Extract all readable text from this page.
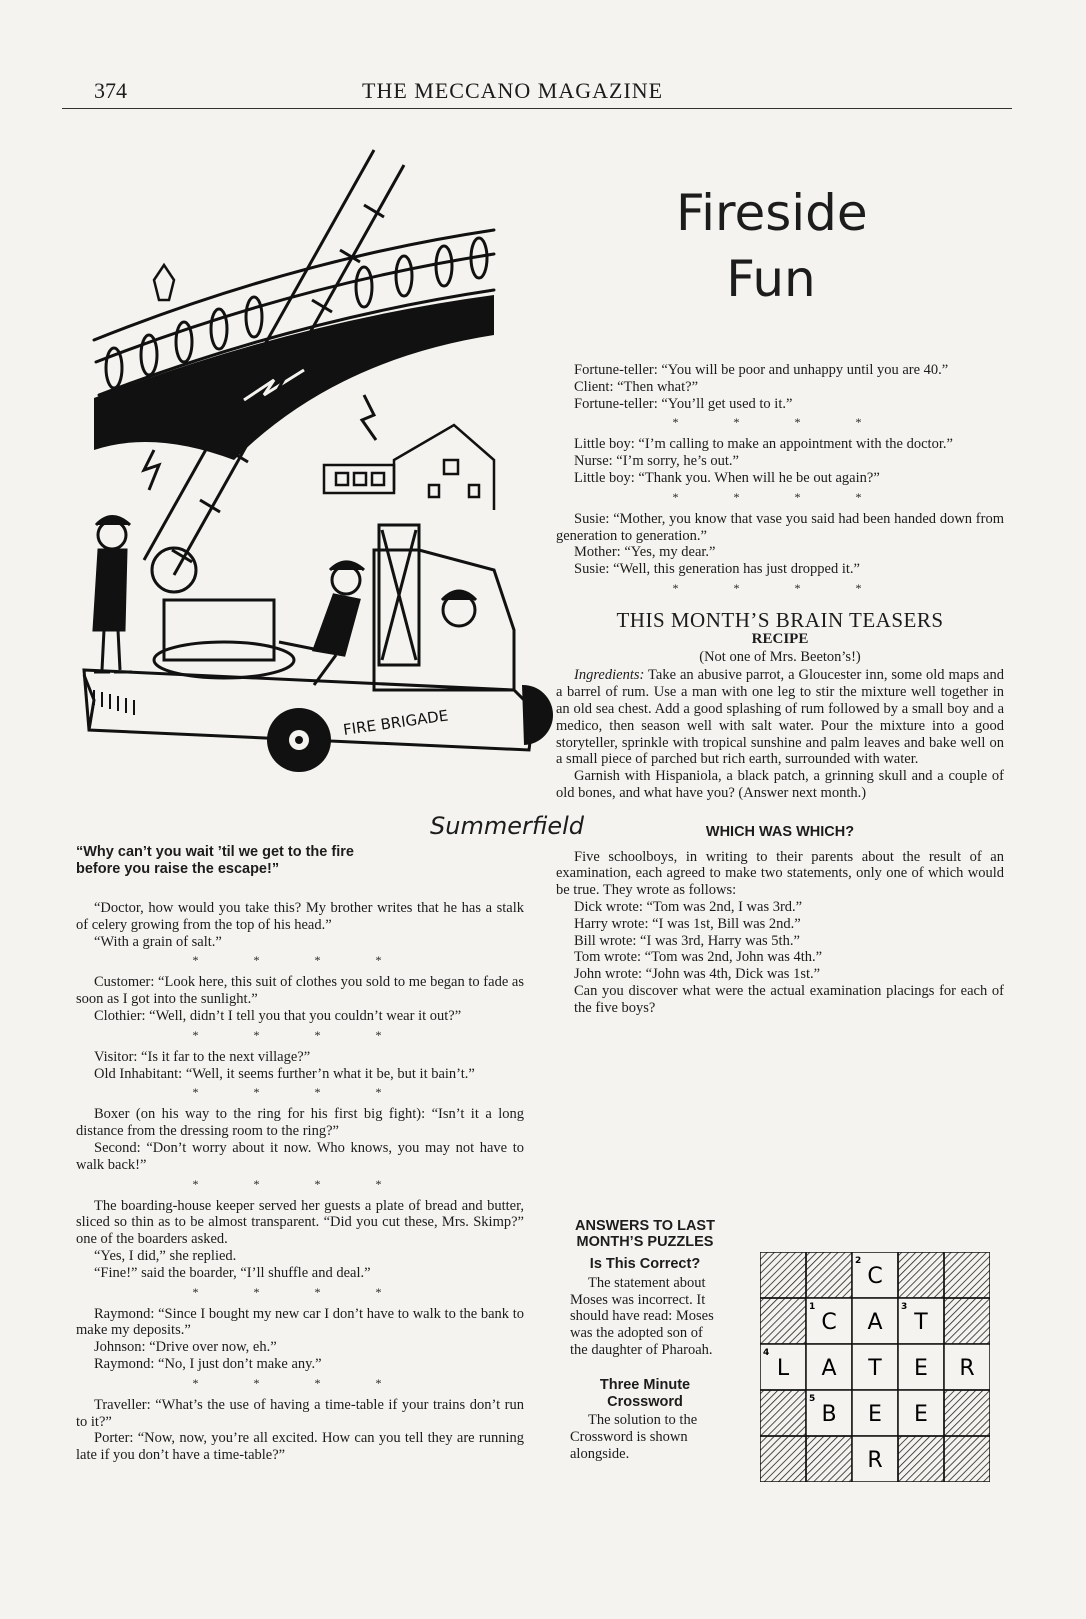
374	THE MECCANO MAGAZINE
FIRE BRIGADE
Summerfield
“Why can’t you wait ’til we get to the fire before you raise the escape!”
Fireside
Fun

“Doctor, how would you take this? My brother writes that he has a stalk of celery growing from the top of his head.”

“With a grain of salt.”

* * * *

Customer: “Look here, this suit of clothes you sold to me began to fade as soon as I got into the sunlight.”

Clothier: “Well, didn’t I tell you that you couldn’t wear it out?”

* * * *

Visitor: “Is it far to the next village?”

Old Inhabitant: “Well, it seems further’n what it be, but it bain’t.”

* * * *

Boxer (on his way to the ring for his first big fight): “Isn’t it a long distance from the dressing room to the ring?”

Second: “Don’t worry about it now. Who knows, you may not have to walk back!”

* * * *

The boarding-house keeper served her guests a plate of bread and butter, sliced so thin as to be almost transparent. “Did you cut these, Mrs. Skimp?” one of the boarders asked.

“Yes, I did,” she replied.

“Fine!” said the boarder, “I’ll shuffle and deal.”

* * * *

Raymond: “Since I bought my new car I don’t have to walk to the bank to make my deposits.”

Johnson: “Drive over now, eh.”

Raymond: “No, I just don’t make any.”

* * * *

Traveller: “What’s the use of having a time-table if your trains don’t run to it?”

Porter: “Now, now, you’re all excited. How can you tell they are running late if you don’t have a time-table?”

Fortune-teller: “You will be poor and unhappy until you are 40.”

Client: “Then what?”

Fortune-teller: “You’ll get used to it.”

* * * *

Little boy: “I’m calling to make an appointment with the doctor.”

Nurse: “I’m sorry, he’s out.”

Little boy: “Thank you. When will he be out again?”

* * * *

Susie: “Mother, you know that vase you said had been handed down from generation to generation.”

Mother: “Yes, my dear.”

Susie: “Well, this generation has just dropped it.”

* * * *
THIS MONTH’S BRAIN TEASERS
RECIPE
(Not one of Mrs. Beeton’s!)

Ingredients: Take an abusive parrot, a Gloucester inn, some old maps and a barrel of rum. Use a man with one leg to stir the mixture well together in an old sea chest. Add a good splashing of rum followed by a small boy and a medico, then season well with salt water. Pour the mixture into a good storyteller, sprinkle with tropical sunshine and palm leaves and bake well on a small piece of parched but rich earth, surrounded with water.

Garnish with Hispaniola, a black patch, a grinning skull and a couple of old bones, and what have you? (Answer next month.)

WHICH WAS WHICH?

Five schoolboys, in writing to their parents about the result of an examination, each agreed to make two statements, only one of which would be true. They wrote as follows:

Dick wrote: “Tom was 2nd, I was 3rd.”

Harry wrote: “I was 1st, Bill was 2nd.”

Bill wrote: “I was 3rd, Harry was 5th.”

Tom wrote: “Tom was 2nd, John was 4th.”

John wrote: “John was 4th, Dick was 1st.”

Can you discover what were the actual examination placings for each of the five boys?

ANSWERS TO LAST MONTH’S PUZZLES
Is This Correct?

The statement about Moses was incorrect. It should have read: Moses was the adopted son of the daughter of Pharoah.

Three Minute Crossword

The solution to the Crossword is shown alongside.

C
C A T
L A T E R
B E E
R
2
1	3
4
5
